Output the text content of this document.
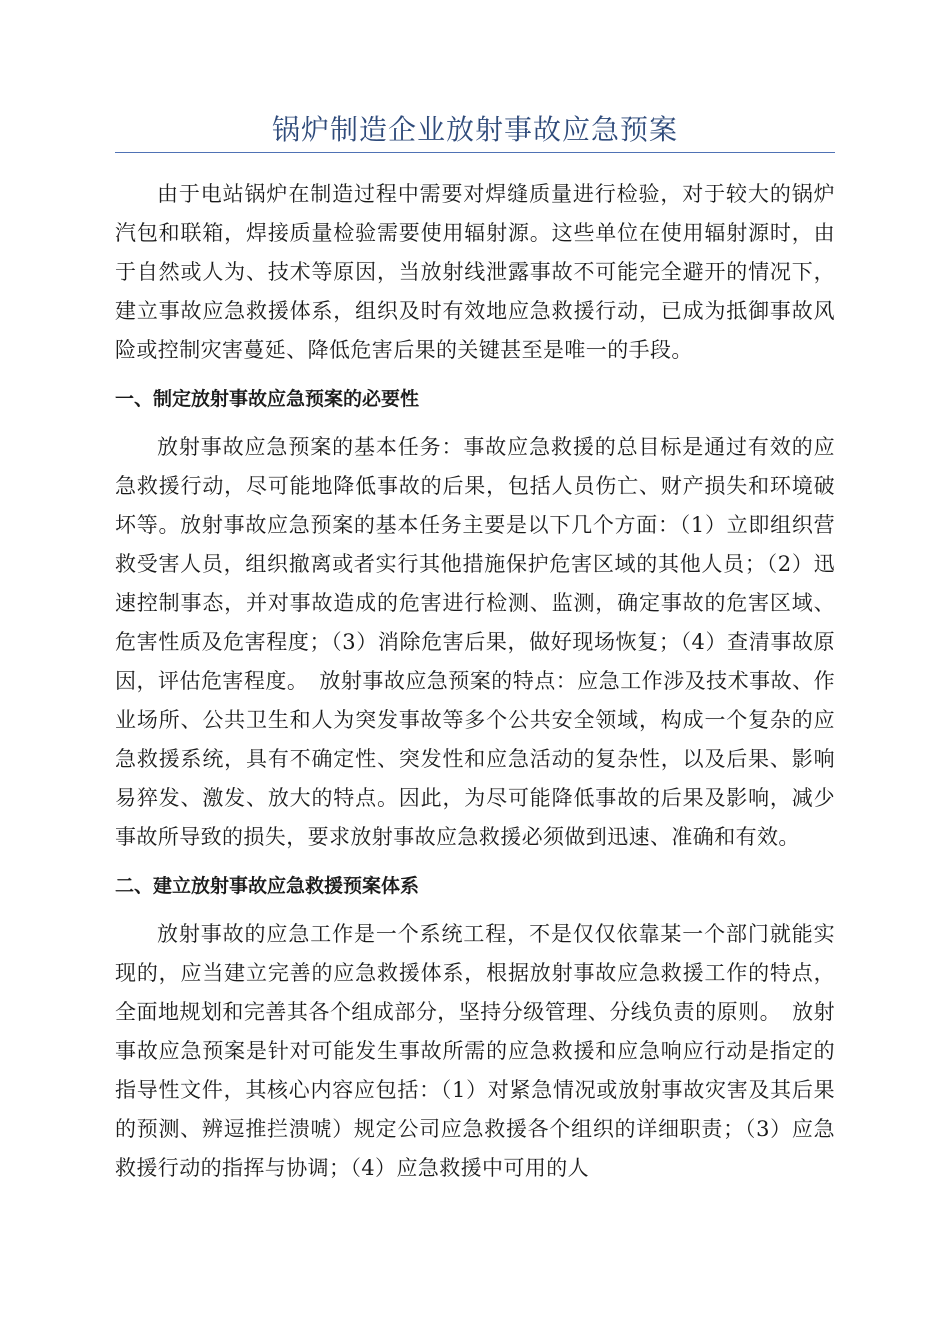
锅炉制造企业放射事故应急预案

由于电站锅炉在制造过程中需要对焊缝质量进行检验，对于较大的锅炉汽包和联箱，焊接质量检验需要使用辐射源。这些单位在使用辐射源时，由于自然或人为、技术等原因，当放射线泄露事故不可能完全避开的情况下，建立事故应急救援体系，组织及时有效地应急救援行动，已成为抵御事故风险或控制灾害蔓延、降低危害后果的关键甚至是唯一的手段。

一、制定放射事故应急预案的必要性

放射事故应急预案的基本任务：事故应急救援的总目标是通过有效的应急救援行动，尽可能地降低事故的后果，包括人员伤亡、财产损失和环境破坏等。放射事故应急预案的基本任务主要是以下几个方面：（1）立即组织营救受害人员，组织撤离或者实行其他措施保护危害区域的其他人员；（2）迅速控制事态，并对事故造成的危害进行检测、监测，确定事故的危害区域、危害性质及危害程度；（3）消除危害后果，做好现场恢复；（4）查清事故原因，评估危害程度。　放射事故应急预案的特点：应急工作涉及技术事故、作业场所、公共卫生和人为突发事故等多个公共安全领域，构成一个复杂的应急救援系统，具有不确定性、突发性和应急活动的复杂性，以及后果、影响易猝发、激发、放大的特点。因此，为尽可能降低事故的后果及影响，减少事故所导致的损失，要求放射事故应急救援必须做到迅速、准确和有效。

二、建立放射事故应急救援预案体系

放射事故的应急工作是一个系统工程，不是仅仅依靠某一个部门就能实现的，应当建立完善的应急救援体系，根据放射事故应急救援工作的特点，全面地规划和完善其各个组成部分，坚持分级管理、分线负责的原则。　放射事故应急预案是针对可能发生事故所需的应急救援和应急响应行动是指定的指导性文件，其核心内容应包括：（1）对紧急情况或放射事故灾害及其后果的预测、辨逗推拦溃唬）规定公司应急救援各个组织的详细职责；（3）应急救援行动的指挥与协调；（4）应急救援中可用的人
